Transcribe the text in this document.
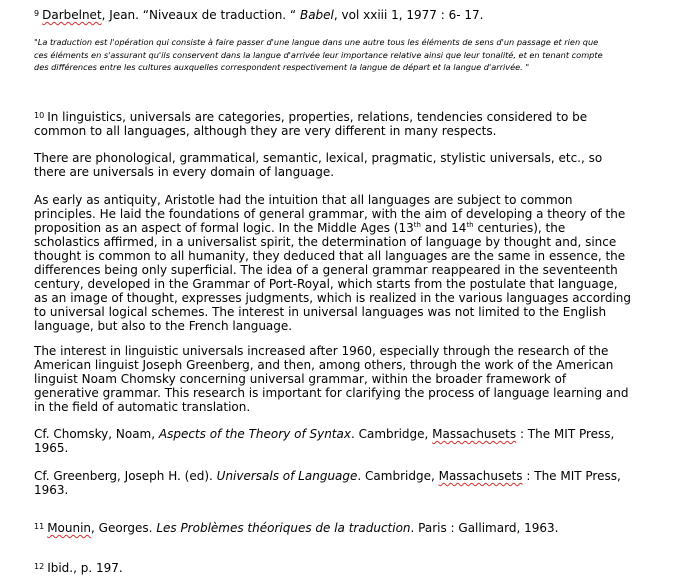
$^9$ Darbelnet, Jean. “Niveaux de traduction. “ Babel, vol xxiii 1, 1977 : 6- 17.

"La traduction est l'opération qui consiste à faire passer d'une langue dans une autre tous les éléments de sens d'un passage et rien que ces éléments en s'assurant qu'ils conservent dans la langue d'arrivée leur importance relative ainsi que leur tonalité, et en tenant compte des différences entre les cultures auxquelles correspondent respectivement la langue de départ et la langue d'arrivée. "

$^{10}$ In linguistics, universals are categories, properties, relations, tendencies considered to be common to all languages, although they are very different in many respects.

There are phonological, grammatical, semantic, lexical, pragmatic, stylistic universals, etc., so there are universals in every domain of language.

As early as antiquity, Aristotle had the intuition that all languages are subject to common principles. He laid the foundations of general grammar, with the aim of developing a theory of the proposition as an aspect of formal logic. In the Middle Ages (13th and 14th centuries), the scholastics affirmed, in a universalist spirit, the determination of language by thought and, since thought is common to all humanity, they deduced that all languages are the same in essence, the differences being only superficial. The idea of a general grammar reappeared in the seventeenth century, developed in the Grammar of Port-Royal, which starts from the postulate that language, as an image of thought, expresses judgments, which is realized in the various languages according to universal logical schemes. The interest in universal languages was not limited to the English language, but also to the French language.

The interest in linguistic universals increased after 1960, especially through the research of the American linguist Joseph Greenberg, and then, among others, through the work of the American linguist Noam Chomsky concerning universal grammar, within the broader framework of generative grammar. This research is important for clarifying the process of language learning and in the field of automatic translation.

Cf. Chomsky, Noam, Aspects of the Theory of Syntax. Cambridge, Massachusets : The MIT Press, 1965.

Cf. Greenberg, Joseph H. (ed). Universals of Language. Cambridge, Massachusets : The MIT Press, 1963.

$^{11}$ Mounin, Georges. Les Problèmes théoriques de la traduction. Paris : Gallimard, 1963.

$^{12}$ Ibid., p. 197.
